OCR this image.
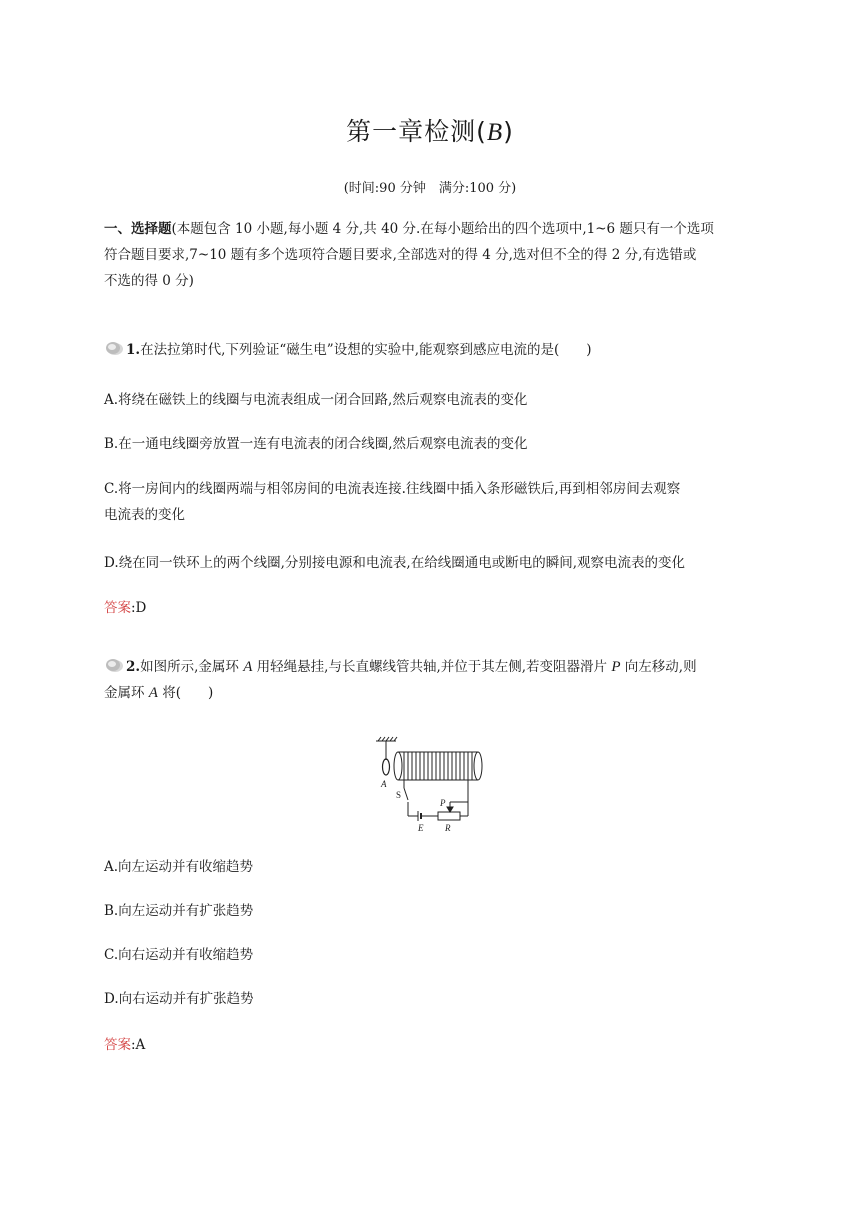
第一章检测(B)
(时间:90 分钟　满分:100 分)
一、选择题(本题包含 10 小题,每小题 4 分,共 40 分.在每小题给出的四个选项中,1~6 题只有一个选项
符合题目要求,7~10 题有多个选项符合题目要求,全部选对的得 4 分,选对但不全的得 2 分,有选错或
不选的得 0 分)
1.在法拉第时代,下列验证“磁生电”设想的实验中,能观察到感应电流的是(　　)
A.将绕在磁铁上的线圈与电流表组成一闭合回路,然后观察电流表的变化
B.在一通电线圈旁放置一连有电流表的闭合线圈,然后观察电流表的变化
C.将一房间内的线圈两端与相邻房间的电流表连接.往线圈中插入条形磁铁后,再到相邻房间去观察
电流表的变化
D.绕在同一铁环上的两个线圈,分别接电源和电流表,在给线圈通电或断电的瞬间,观察电流表的变化
答案:D
2.如图所示,金属环 A 用轻绳悬挂,与长直螺线管共轴,并位于其左侧,若变阻器滑片 P 向左移动,则
金属环 A 将(　　)
A
S
P
E R
A.向左运动并有收缩趋势
B.向左运动并有扩张趋势
C.向右运动并有收缩趋势
D.向右运动并有扩张趋势
答案:A
